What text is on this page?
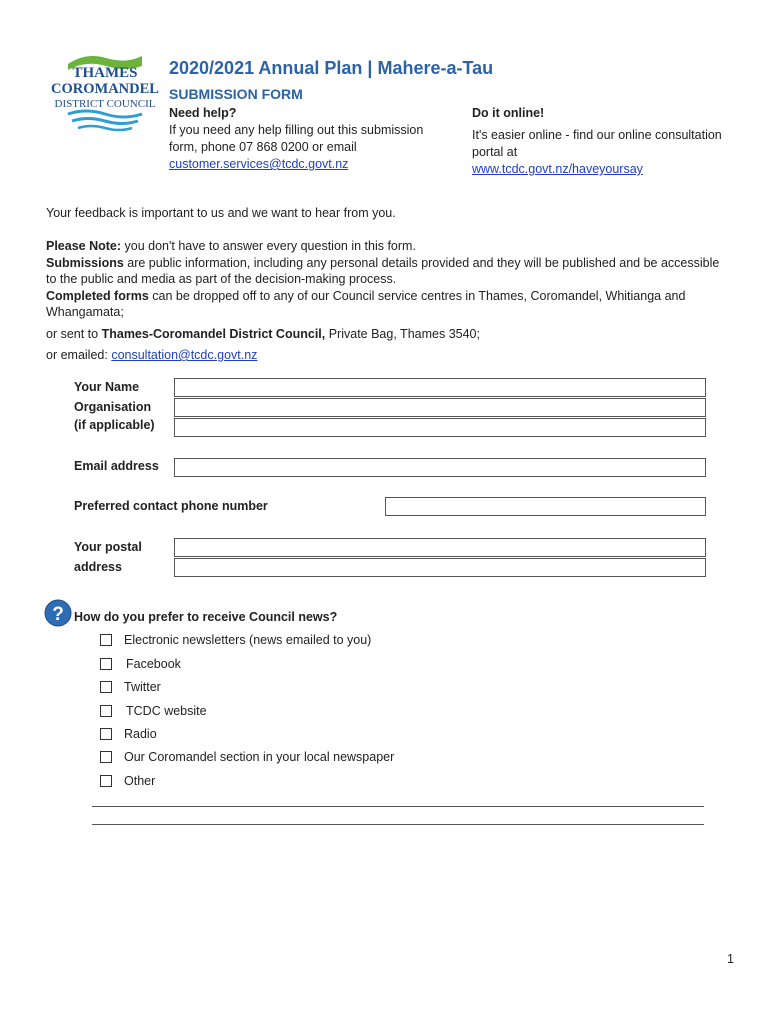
THAMES
COROMANDEL
DISTRICT COUNCIL
2020/2021 Annual Plan | Mahere-a-Tau
SUBMISSION FORM
Need help?
If you need any help filling out this submission form, phone 07 868 0200 or email customer.services@tcdc.govt.nz
Do it online!
It's easier online - find our online consultation portal at
www.tcdc.govt.nz/haveyoursay
Your feedback is important to us and we want to hear from you.
Please Note: you don't have to answer every question in this form.
Submissions are public information, including any personal details provided and they will be published and be accessible to the public and media as part of the decision-making process.
Completed forms can be dropped off to any of our Council service centres in Thames, Coromandel, Whitianga and Whangamata;
or sent to Thames-Coromandel District Council, Private Bag, Thames 3540;
or emailed: consultation@tcdc.govt.nz
Your Name
Organisation
(if applicable)
Email address
Preferred contact phone number
Your postal
address
? How do you prefer to receive Council news?
Electronic newsletters (news emailed to you)
Facebook
Twitter
TCDC website
Radio
Our Coromandel section in your local newspaper
Other
1
